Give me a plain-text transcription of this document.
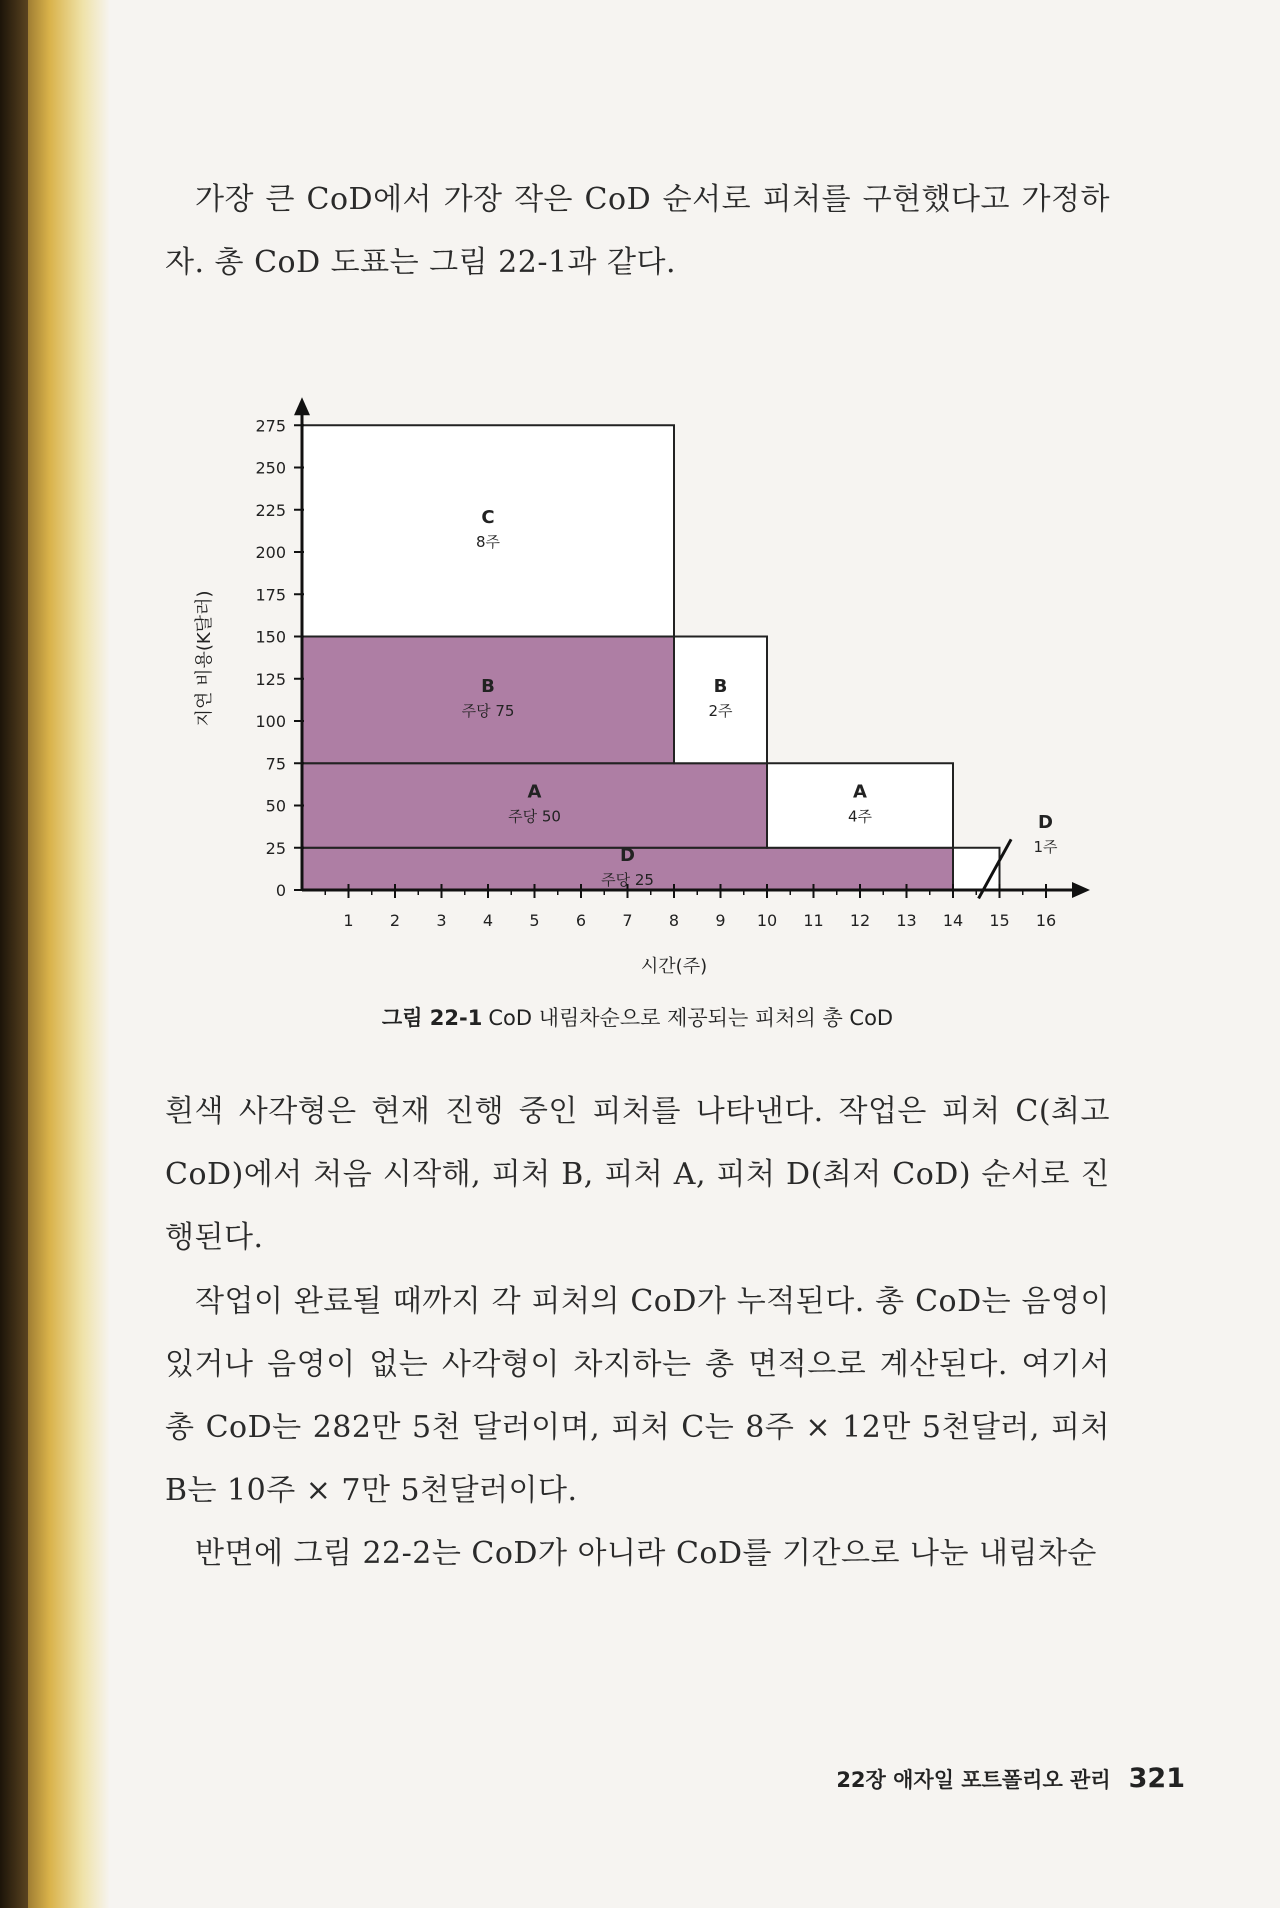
가장 큰 CoD에서 가장 작은 CoD 순서로 피처를 구현했다고 가정하자. 총 CoD 도표는 그림 22-1과 같다.

D
주당 25
A
주당 50
B
주당 75
C
8주
B
2주
A
4주	D
1주
1 2 3 4 5 6 7 8 9 10 11 12 13 14 15 16
0
25
50
75
100
125
150
175
200
225
250
275
시간(주)
지연 비용(K달러)
그림 22-1 CoD 내림차순으로 제공되는 피처의 총 CoD

흰색 사각형은 현재 진행 중인 피처를 나타낸다. 작업은 피처 C(최고 CoD)에서 처음 시작해, 피처 B, 피처 A, 피처 D(최저 CoD) 순서로 진행된다.

작업이 완료될 때까지 각 피처의 CoD가 누적된다. 총 CoD는 음영이 있거나 음영이 없는 사각형이 차지하는 총 면적으로 계산된다. 여기서 총 CoD는 282만 5천 달러이며, 피처 C는 8주 × 12만 5천달러, 피처 B는 10주 × 7만 5천달러이다.

반면에 그림 22-2는 CoD가 아니라 CoD를 기간으로 나눈 내림차순

22장 애자일 포트폴리오 관리 321
